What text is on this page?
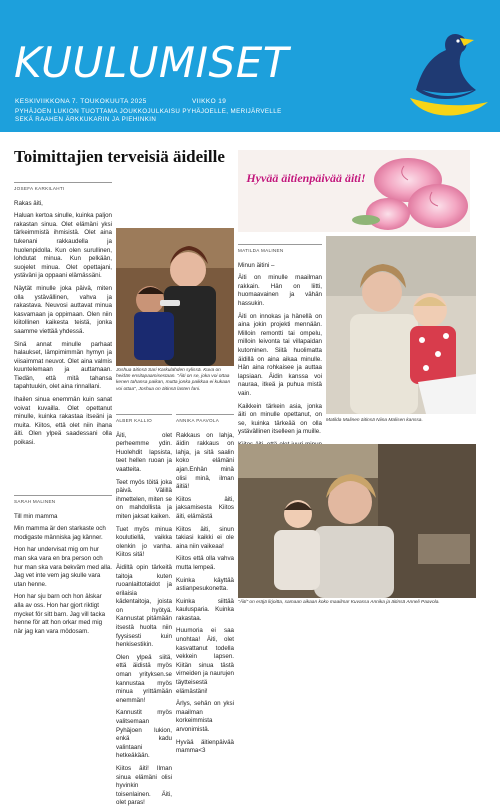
KUULUMISET
KESKIVIIKKONA 7. TOUKOKUUTA 2025	VIIKKO 19
PYHÄJOEN LUKION TUOTTAMA JOUKKOJULKAISU PYHÄJOELLE, MERIJÄRVELLE
SEKÄ RAAHEN ÄRKKUKARIN JA PIEHINKIN
Toimittajien terveisiä äideille
Hyvää äitienpäivää äiti!
JOSEFA KARKILAHTI

Rakas äiti,

Haluan kertoa sinulle, kuinka paljon rakastan sinua. Olet elämäni yksi tärkeimmistä ihmisistä. Olet aina tukenani rakkaudella ja huolenpidolla. Kun olen surullinen, lohdutat minua. Kun pelkään, suojelet minua. Olet opettajani, ystäväni ja oppaani elämässäni.

Näytät minulle joka päivä, miten olla ystävällinen, vahva ja rakastava. Neuvosi auttavat minua kasvamaan ja oppimaan. Olen niin kiitollinen kaikesta teistä, jonka saamme viettää yhdessä.

Sinä annat minulle parhaat halaukset, lämpimimmän hymyn ja viisaimmat neuvot. Olet aina valmis kuuntelemaan ja auttamaan. Tiedän, että mitä tahansa tapahtuukin, olet aina rinnallani.

Ihailen sinua enemmän kuin sanat voivat kuvailla. Olet opettanut minulle, kuinka rakastaa itseäni ja muita. Kiitos, että olet niin ihana äiti. Olen ylpeä saadessani olla poikasi.

SARAH MALINEN

Till min mamma

Min mamma är den starkaste och modigaste människa jag känner.

Hon har undervisat mig om hur man ska vara en bra person och hur man ska vara bekväm med alla. Jag vet inte vem jag skulle vara utan henne.

Hon har sju barn och hon älskar alla av oss. Hon har gjort riktigt mycket för sitt barn. Jag vill tacka henne för att hon orkar med mig när jag kan vara mödosam.

Joshua äitinsä Sari Karkulahden sylissä. Kuva on heidän ensitapaamisestaan. "Äiti on se, joka voi ottaa kenen tahansa paikan, mutta jonka paikkaa ei kukaan voi ottaa", Joshua on äitinsä lasten fani.
ALBER KALLIO

Äiti, olet perheemme ydin. Huolehdit lapsista, teet hellen ruoan ja vaatteita.

Teet myös töitä joka päivä. Välillä ihmettelen, miten se on mahdollista ja miten jaksat kaiken.

Tuet myös minua koulutiellä, vaikka olenkin jo vanha. Kiitos sitä!

Äidiltä opin tärkeitä taitoja kuten ruoanlaittotaidot ja erilaisia kädentaitoja, joista on hyötyä. Kannustat pitämään itsestä huolta niin fyysisesti kuin henkisestikin.

Olen ylpeä siitä, että äidistä myös oman yrityksen.se kannustaa myös minua yrittämään enemmän!

Kannustit myös valitsemaan Pyhäjoen lukion, enkä kadu valintaani hetkeäkään.

Kiitos äiti! Ilman sinua elämäni olisi hyvinkin toisenlainen. Äiti, olet paras!

ANNIKA PAAVOLA

Rakkaus on lahja, äidin rakkaus on lahja, ja sitä saalin koko elämäni ajan.Enhän minä olisi minä, ilman äitiä!

Kiitos äiti, jaksamisesta Kiitos äiti, elämästä

Kiitos äiti, sinun takiasi kaikki ei ole aina niin vaikeaa!

Kiitos että olla vahva mutta lempeä.

Kuinka käyttää astianpesukonetta.

Kuinka siittää kaulusparia. Kuinka rakastaa.

Huumoria ei saa unohtaa! Äiti, olet kasvattanut todella vekkein lapsen. Kiitän sinua tästä virneiden ja naurujen täytteisestä elämästäni!

Ärlys, sehän on yksi maailman korkeimmista arvonimistä.

Hyvää äitienpäivää mamma<3

MATILDA MALINEN

Minun äitini –

Äiti on minulle maailman rakkain. Hän on liitti, huomaavainen ja vähän hassukin.

Äiti on innokas ja hänellä on aina jokin projekti mennään. Milloin remontti tai ompelu, milloin leivonta tai villapaidan kutominen. Siitä huolimatta äidillä on aina aikaa minulle. Hän aina rohkaisee ja auttaa lapsiaan. Äidin kanssa voi nauraa, itkeä ja puhua mistä vain.

Kaikkein tärkein asia, jonka äiti on minulle opettanut, on se, kuinka tärkeää on olla ystävällinen itselleen ja muille.

Matilda Malinen äitinsä Niina Malisen kanssa.
"Äiti" on eräjä lirjoitta, samaan aikaan koko maailma! Kuvassa Annika ja äitinsä Anneli Paavola.
